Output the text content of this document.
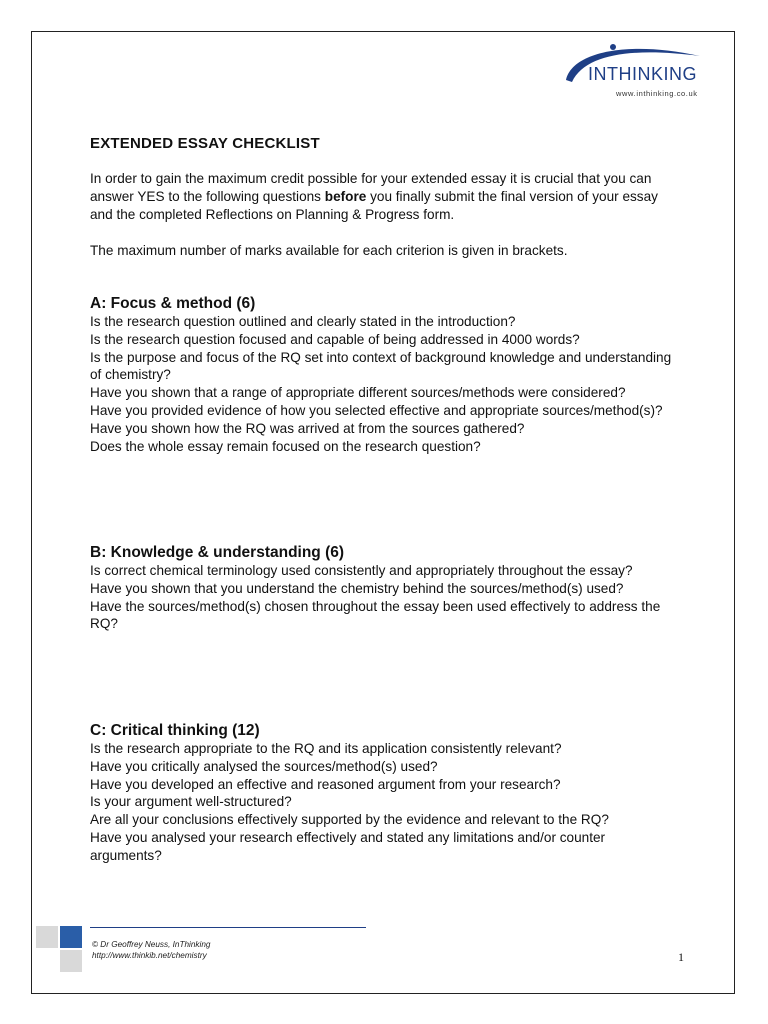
INTHINKING
www.inthinking.co.uk
EXTENDED ESSAY CHECKLIST

In order to gain the maximum credit possible for your extended essay it is crucial that you can answer YES to the following questions before you finally submit the final version of your essay and the completed Reflections on Planning & Progress form.

The maximum number of marks available for each criterion is given in brackets.

A: Focus & method (6)

Is the research question outlined and clearly stated in the introduction?

Is the research question focused and capable of being addressed in 4000 words?

Is the purpose and focus of the RQ set into context of background knowledge and understanding of chemistry?

Have you shown that a range of appropriate different sources/methods were considered?

Have you provided evidence of how you selected effective and appropriate sources/method(s)?

Have you shown how the RQ was arrived at from the sources gathered?

Does the whole essay remain focused on the research question?

B: Knowledge & understanding (6)

Is correct chemical terminology used consistently and appropriately throughout the essay?

Have you shown that you understand the chemistry behind the sources/method(s) used?

Have the sources/method(s) chosen throughout the essay been used effectively to address the RQ?

C: Critical thinking (12)

Is the research appropriate to the RQ and its application consistently relevant?

Have you critically analysed the sources/method(s) used?

Have you developed an effective and reasoned argument from your research?

Is your argument well-structured?

Are all your conclusions effectively supported by the evidence and relevant to the RQ?

Have you analysed your research effectively and stated any limitations and/or counter arguments?

© Dr Geoffrey Neuss, InThinking
http://www.thinkib.net/chemistry	1
